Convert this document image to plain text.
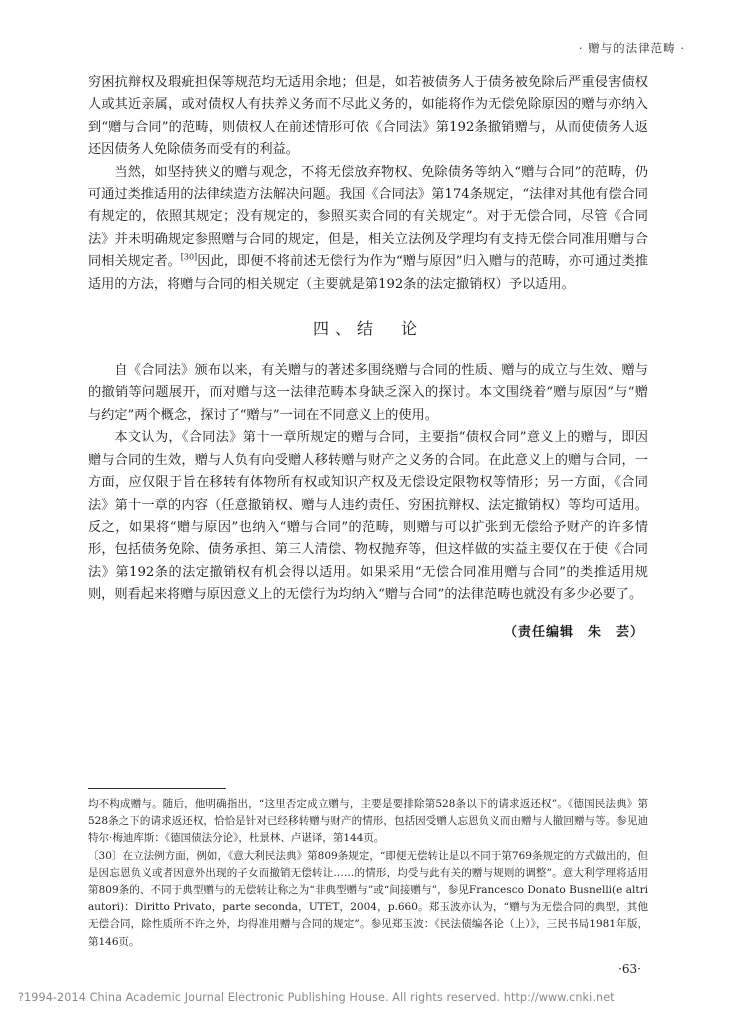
· 赠与的法律范畴 ·

穷困抗辩权及瑕疵担保等规范均无适用余地；但是，如若被债务人于债务被免除后严重侵害债权人或其近亲属，或对债权人有扶养义务而不尽此义务的，如能将作为无偿免除原因的赠与亦纳入到“赠与合同”的范畴，则债权人在前述情形可依《合同法》第192条撤销赠与，从而使债务人返还因债务人免除债务而受有的利益。

当然，如坚持狭义的赠与观念，不将无偿放弃物权、免除债务等纳入“赠与合同”的范畴，仍可通过类推适用的法律续造方法解决问题。我国《合同法》第174条规定，“法律对其他有偿合同有规定的，依照其规定；没有规定的，参照买卖合同的有关规定”。对于无偿合同，尽管《合同法》并未明确规定参照赠与合同的规定，但是，相关立法例及学理均有支持无偿合同准用赠与合同相关规定者。[30]因此，即便不将前述无偿行为作为“赠与原因”归入赠与的范畴，亦可通过类推适用的方法，将赠与合同的相关规定（主要就是第192条的法定撤销权）予以适用。

四、结　论

自《合同法》颁布以来，有关赠与的著述多围绕赠与合同的性质、赠与的成立与生效、赠与的撤销等问题展开，而对赠与这一法律范畴本身缺乏深入的探讨。本文围绕着“赠与原因”与“赠与约定”两个概念，探讨了“赠与”一词在不同意义上的使用。

本文认为，《合同法》第十一章所规定的赠与合同，主要指“债权合同”意义上的赠与，即因赠与合同的生效，赠与人负有向受赠人移转赠与财产之义务的合同。在此意义上的赠与合同，一方面，应仅限于旨在移转有体物所有权或知识产权及无偿设定限物权等情形；另一方面，《合同法》第十一章的内容（任意撤销权、赠与人违约责任、穷困抗辩权、法定撤销权）等均可适用。反之，如果将“赠与原因”也纳入“赠与合同”的范畴，则赠与可以扩张到无偿给予财产的许多情形，包括债务免除、债务承担、第三人清偿、物权抛弃等，但这样做的实益主要仅在于使《合同法》第192条的法定撤销权有机会得以适用。如果采用“无偿合同准用赠与合同”的类推适用规则，则看起来将赠与原因意义上的无偿行为均纳入“赠与合同”的法律范畴也就没有多少必要了。

（责任编辑　朱　芸）

均不构成赠与。随后，他明确指出，“这里否定成立赠与，主要是要排除第528条以下的请求返还权”。《德国民法典》第528条之下的请求返还权，恰恰是针对已经移转赠与财产的情形，包括因受赠人忘恩负义而由赠与人撤回赠与等。参见迪特尔·梅迪库斯：《德国债法分论》，杜景林、卢谌译，第144页。

〔30〕在立法例方面，例如，《意大利民法典》第809条规定，“即便无偿转让是以不同于第769条规定的方式做出的，但是因忘恩负义或者因意外出现的子女而撤销无偿转让……的情形，均受与此有关的赠与规则的调整”。意大利学理将适用第809条的、不同于典型赠与的无偿转让称之为“非典型赠与”或“间接赠与”，参见Francesco Donato Busnelli(e altri autori)：Diritto Privato，parte seconda，UTET，2004，p.660。郑玉波亦认为，“赠与为无偿合同的典型，其他无偿合同，除性质所不许之外，均得准用赠与合同的规定”。参见郑玉波：《民法债编各论（上）》，三民书局1981年版，第146页。

·63·
?1994-2014 China Academic Journal Electronic Publishing House. All rights reserved. http://www.cnki.net
